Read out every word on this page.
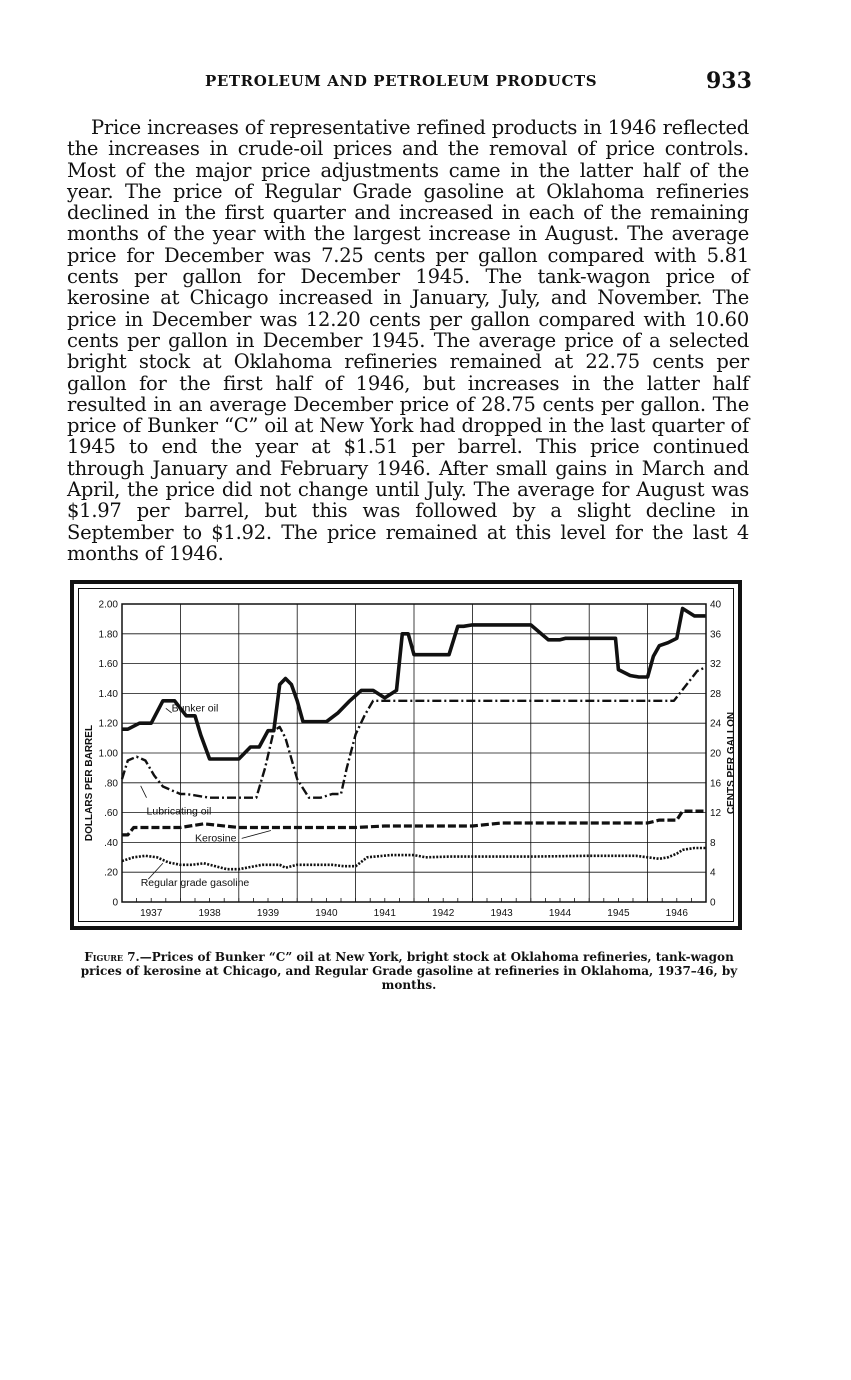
PETROLEUM AND PETROLEUM PRODUCTS	933

Price increases of representative refined products in 1946 reflected the increases in crude-oil prices and the removal of price controls. Most of the major price adjustments came in the latter half of the year. The price of Regular Grade gasoline at Oklahoma refineries declined in the first quarter and increased in each of the remaining months of the year with the largest increase in August. The average price for December was 7.25 cents per gallon compared with 5.81 cents per gallon for December 1945. The tank-wagon price of kerosine at Chicago increased in January, July, and November. The price in December was 12.20 cents per gallon compared with 10.60 cents per gallon in December 1945. The average price of a selected bright stock at Oklahoma refineries remained at 22.75 cents per gallon for the first half of 1946, but increases in the latter half resulted in an average December price of 28.75 cents per gallon. The price of Bunker “C” oil at New York had dropped in the last quarter of 1945 to end the year at $1.51 per barrel. This price continued through January and February 1946. After small gains in March and April, the price did not change until July. The average for August was $1.97 per barrel, but this was followed by a slight decline in September to $1.92. The price remained at this level for the last 4 months of 1946.

0
.20
.40
.60
.80
1.00
1.20
1.40
1.60
1.80
2.00
0
4
8
12
16
20
24
28
32
36
40
1937	1938	1939	1940	1941	1942	1943	1944	1945	1946
DOLLARS PER BARREL	CENTS PER GALLON
Bunker oil
Lubricating oil
Kerosine
Regular grade gasoline

Figure 7.—Prices of Bunker “C” oil at New York, bright stock at Oklahoma refineries, tank-wagon prices of kerosine at Chicago, and Regular Grade gasoline at refineries in Oklahoma, 1937–46, by months.
